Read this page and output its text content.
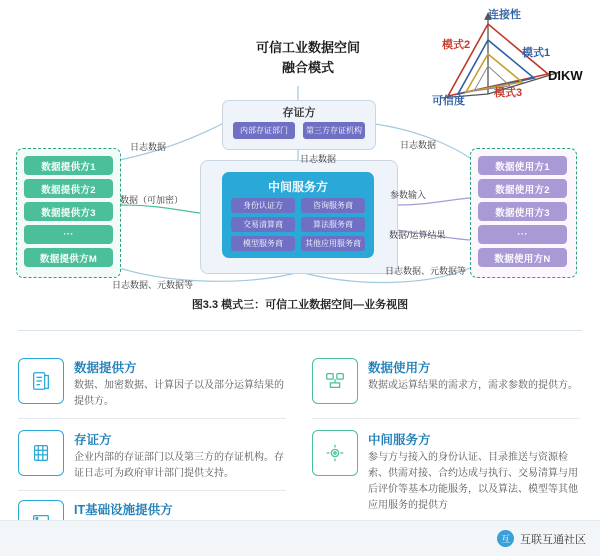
可信工业数据空间
融合模式
连接性
模式1
模式2
模式3
可信度
DIKW
存证方
内部存证部门	第三方存证机构
中间服务方
身份认证方	咨询服务商
交易清算商	算法服务商
模型服务商	其他应用服务商
数据提供方1
数据提供方2
数据提供方3
···
数据提供方M
数据使用方1
数据使用方2
数据使用方3
···
数据使用方N
日志数据
数据（可加密）
日志数据、元数据等
日志数据
日志数据
参数输入
数据/运算结果
日志数据、元数据等
图3.3 模式三：可信工业数据空间—业务视图
数据提供方

数据、加密数据、计算因子以及部分运算结果的提供方。

存证方

企业内部的存证部门以及第三方的存证机构。存证日志可为政府审计部门提供支持。

IT基础设施提供方

数据使用方

数据或运算结果的需求方，需求参数的提供方。

中间服务方

参与方与接入的身份认证、目录推送与资源检索、供需对接、合约达成与执行、交易清算与用后评价等基本功能服务，以及算法、模型等其他应用服务的提供方

互 互联互通社区
